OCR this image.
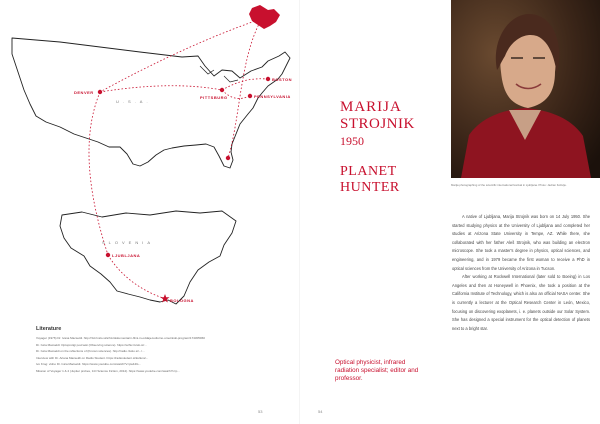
DENVER
PITTSBURG
BOSTON
PENNSYLVANIA
LJUBLJANA
BOLOGNA
U.S.A.
SLOVENIA
Literature

Voyager (1976) Dr. Ivana Macseldi. http://3d.rtvslo.si/arhiv/dokumentarni-filmi-in-oddaje-kulturno-umetniski-program/174305060

Dr. Ivica Macseldi: Optoprotigi povrseki (Observing science). https://arhiv.rtvslo.si/...

Dr. Ivica Macseldi on the reflections of (Known sciences). http://radio.rtvslo.si/.../...

Interview with Dr. Ariana Macseldi on Radio Student. https://radiostudent.si/kultura/...

Ivo Krog: vidno Dr. Ivica Macseldi. https://www.youtube.com/watch?v=pw44G...

Mission of Voyager 1 & 2 (Jupiter probes, 3-D Science Fiction, 2014). https://www.youtube.com/watch?v=p...

53
MARIJA
STROJNIK
1950
PLANET
HUNTER
Optical physicist, infrared radiation specialist; editor and professor.
Marija photographing of the scientific international festival in Ljubljana. Photo: Jadran Koželje.

A native of Ljubljana, Marija Strojnik was born on 14 July 1950. She started studying physics at the University of Ljubljana and completed her studies at Arizona State University in Tempe, AZ. While there, she collaborated with her father Aleš Strojnik, who was building an electron microscope. She took a master's degree in physics, optical sciences, and engineering, and in 1979 became the first woman to receive a PhD in optical sciences from the University of Arizona in Tucson.

After working at Rockwell International (later sold to Boeing) in Los Angeles and then at Honeywell in Phoenix, she took a position at the California Institute of Technology, which is also an official NASA center. She is currently a lecturer at the Optical Research Center in León, Mexico, focusing on discovering exoplanets, i. e. planets outside our Solar System. She has designed a special instrument for the optical detection of planets next to a bright star.

54
